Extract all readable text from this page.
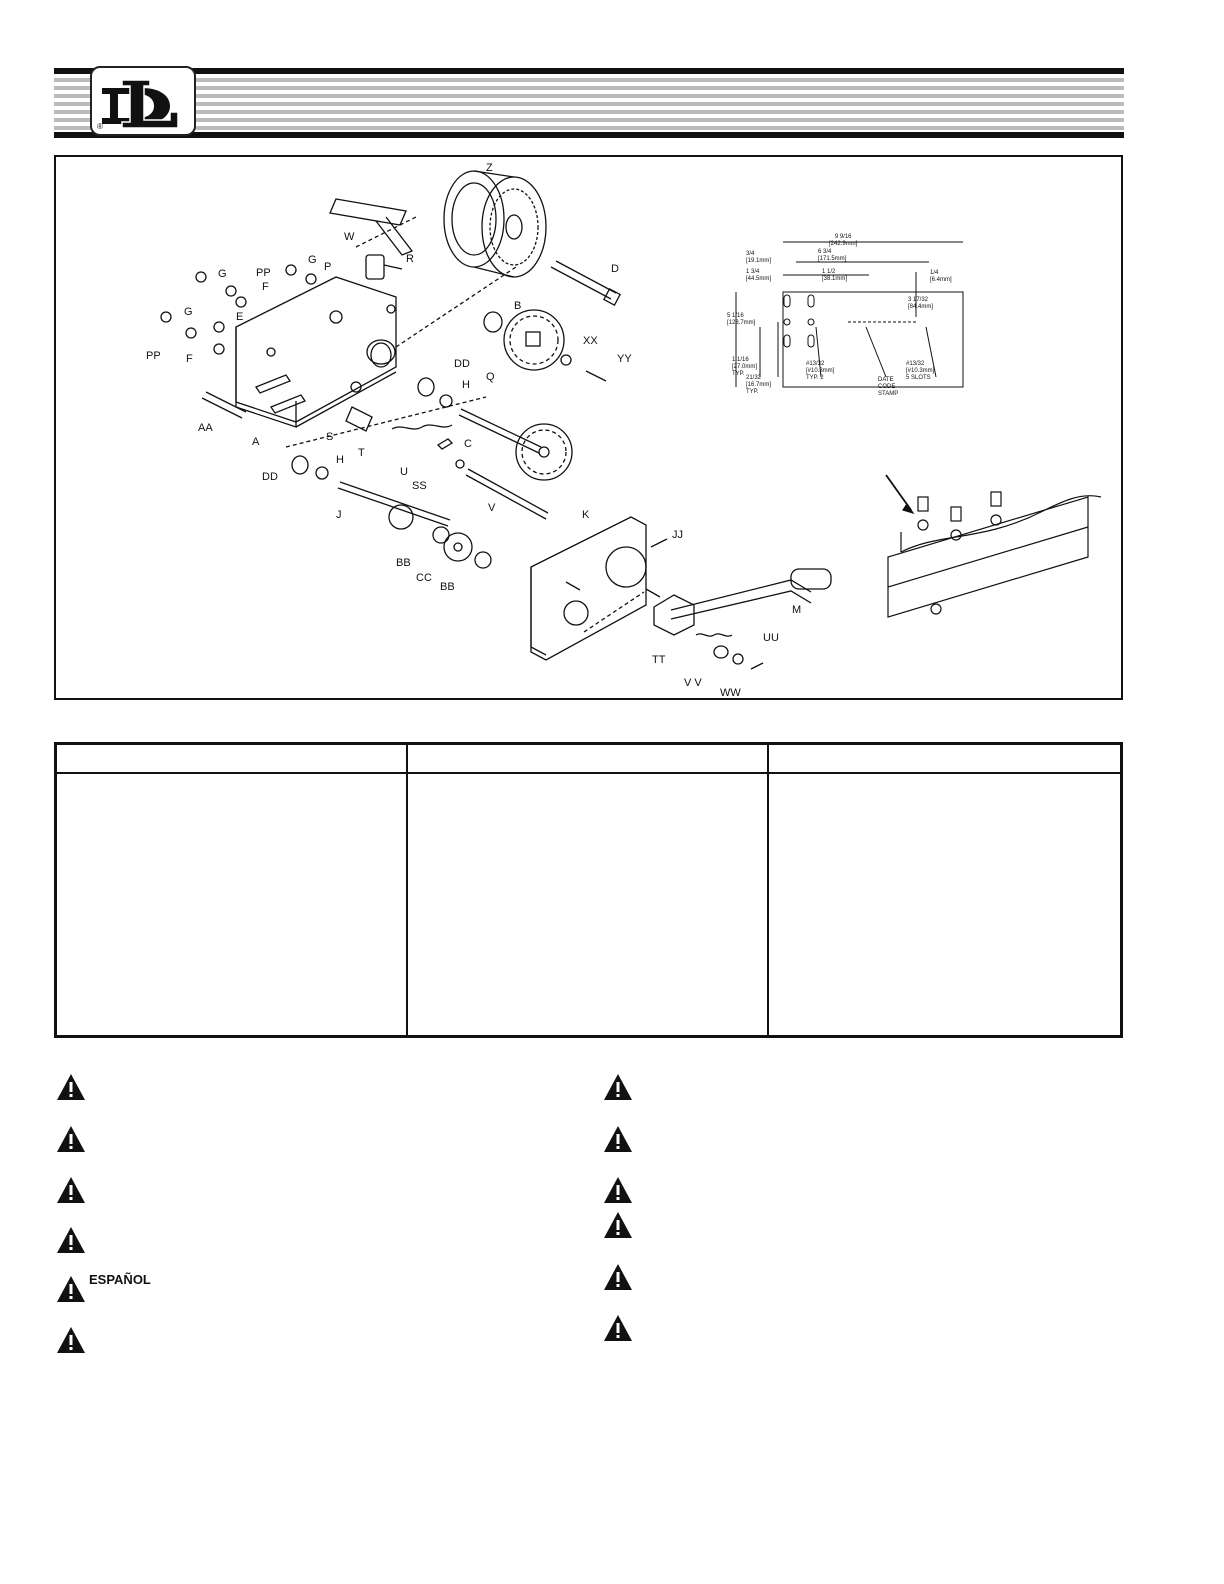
®
Z
W
R
G	PP
F
G
P	D
G	E
PP F
B
XX
YY
Q
DD
H
AA
A	S
T
C
U
DD
H
SS
V
J	K
JJ
BB
CC
BB
M
UU
TT
V V
WW
9 9/16
[242.9mm]
3/4
[19.1mm]
6 3/4
[171.5mm]
1 3/4
[44.5mm]
1 1/2
[38.1mm]
1/4
[6.4mm]
5 1/16
[128.7mm]
3 17/32
[84.4mm]
1 1/16
[27.0mm]
TYP.
21/32
[16.7mm]
TYP.
#13/32
[#10.3mm]
TYP. 2	DATE
CODE
STAMP
#13/32
[#10.3mm]
5 SLOTS
ESPAÑOL
